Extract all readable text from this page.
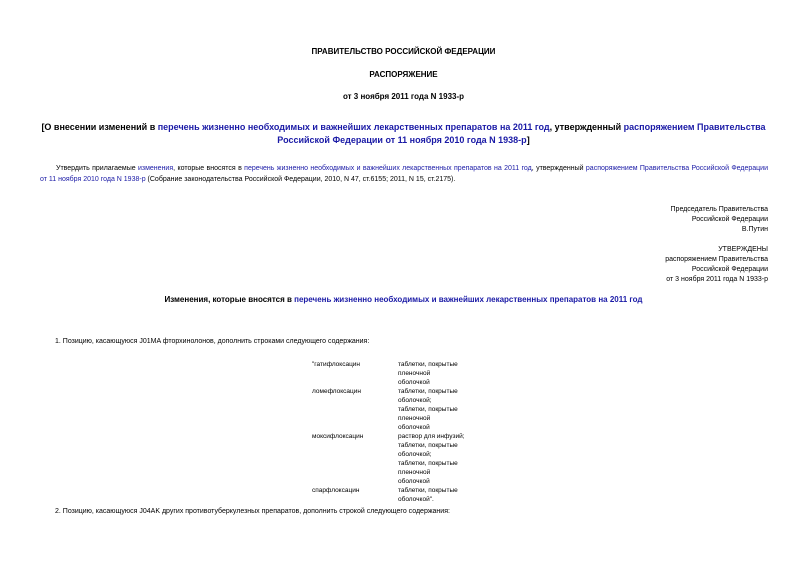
ПРАВИТЕЛЬСТВО РОССИЙСКОЙ ФЕДЕРАЦИИ
РАСПОРЯЖЕНИЕ
от 3 ноября 2011 года N 1933-р
[О внесении изменений в перечень жизненно необходимых и важнейших лекарственных препаратов на 2011 год, утвержденный распоряжением Правительства Российской Федерации от 11 ноября 2010 года N 1938-р]
Утвердить прилагаемые изменения, которые вносятся в перечень жизненно необходимых и важнейших лекарственных препаратов на 2011 год, утвержденный распоряжением Правительства Российской Федерации от 11 ноября 2010 года N 1938-р (Собрание законодательства Российской Федерации, 2010, N 47, ст.6155; 2011, N 15, ст.2175).
Председатель Правительства
Российской Федерации
В.Путин
УТВЕРЖДЕНЫ
распоряжением Правительства
Российской Федерации
от 3 ноября 2011 года N 1933-р
Изменения, которые вносятся в перечень жизненно необходимых и важнейших лекарственных препаратов на 2011 год
1. Позицию, касающуюся J01MA фторхинолонов, дополнить строками следующего содержания:
"гатифлоксацин	таблетки, покрытые
пленочной
оболочкой
ломефлоксацин	таблетки, покрытые
оболочкой;
таблетки, покрытые
пленочной
оболочкой
моксифлоксацин	раствор для инфузий;
таблетки, покрытые
оболочкой;
таблетки, покрытые
пленочной
оболочкой
спарфлоксацин	таблетки, покрытые
оболочкой".
2. Позицию, касающуюся J04AK других противотуберкулезных препаратов, дополнить строкой следующего содержания:
